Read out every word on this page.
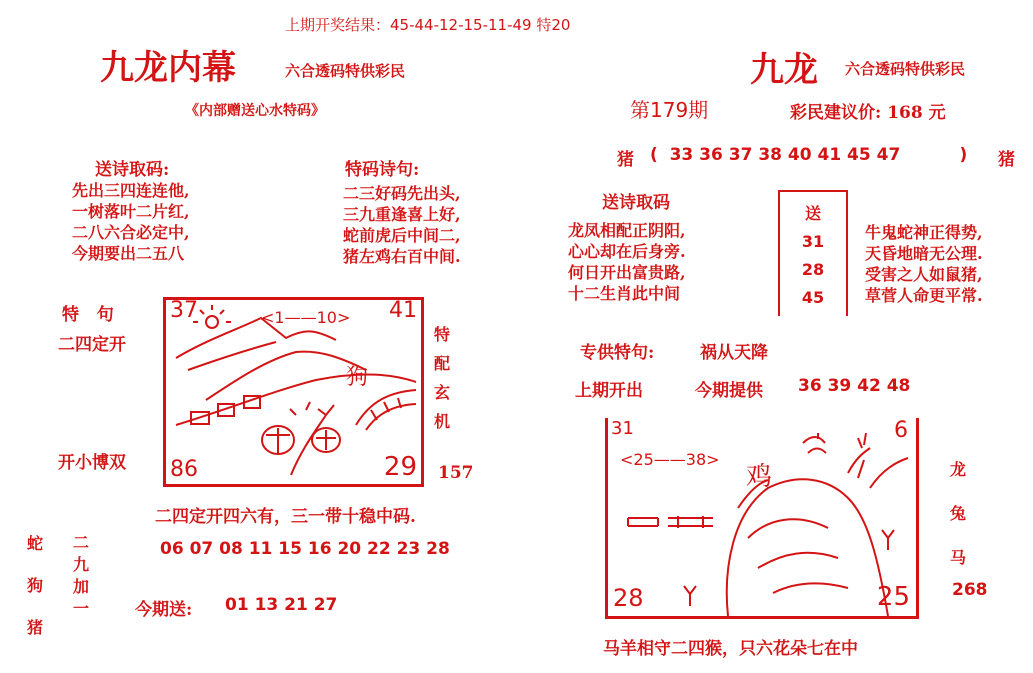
上期开奖结果：45-44-12-15-11-49 特20
九龙内幕	六合透码特供彩民
《内部赠送心水特码》
送诗取码:
先出三四连连他,
一树落叶二片红,
二八六合必定中,
今期要出二五八
特码诗句:
二三好码先出头,
三九重逢喜上好,
蛇前虎后中间二,
猪左鸡右百中间.
特   句
二四定开
开小博双
37	41
86	29
<1——10>
狗
特
配
玄
机
157
二四定开四六有，三一带十稳中码.
蛇
狗
猪
二
九
加
一
06 07 08 11 15 16 20 22 23 28
今期送: 01 13 21 27
九龙 六合透码特供彩民
第179期	彩民建议价: 168 元
猪 (  33 36 37 38 40 41 45 47          ) 猪
送诗取码
龙凤相配正阴阳,
心心却在后身旁.
何日开出富贵路,
十二生肖此中间
送
31
28
45
牛鬼蛇神正得势,
天昏地暗无公理.
受害之人如鼠猪,
草菅人命更平常.
专供特句:	祸从天降
上期开出	今期提供 36 39 42 48
31	6
28	25
<25——38>
鸡	龙
兔
马
268
马羊相守二四猴，只六花朵七在中
